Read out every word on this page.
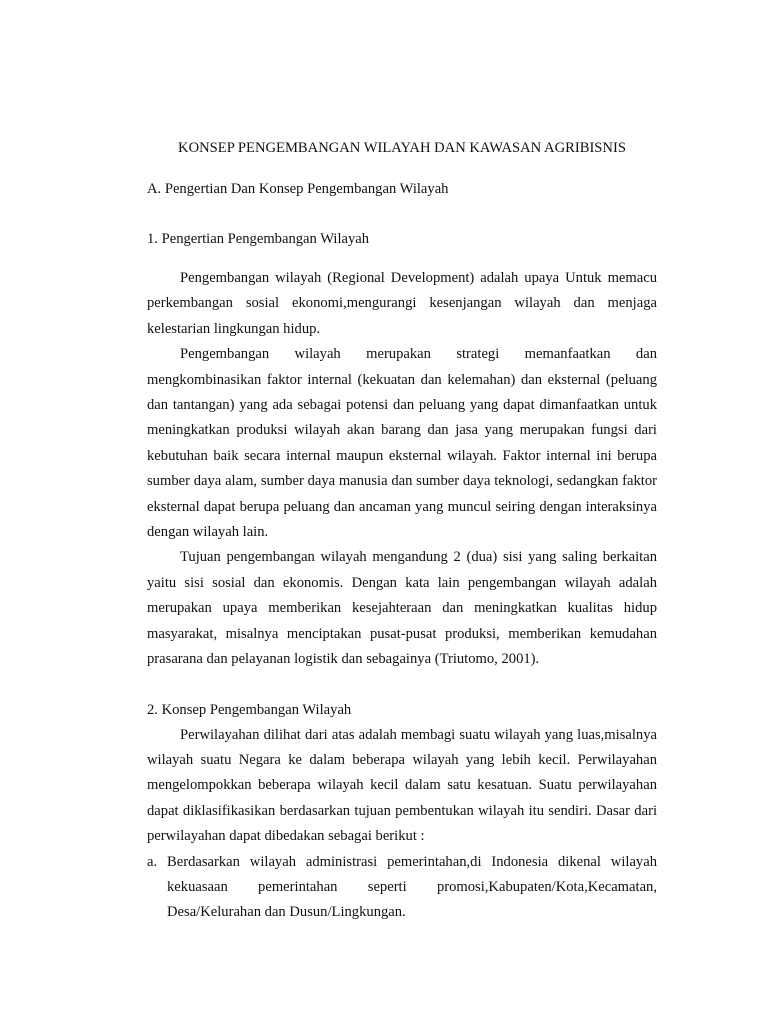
KONSEP PENGEMBANGAN WILAYAH DAN KAWASAN AGRIBISNIS

A. Pengertian Dan Konsep Pengembangan Wilayah

1. Pengertian Pengembangan Wilayah

Pengembangan wilayah (Regional Development) adalah upaya Untuk memacu perkembangan sosial ekonomi,mengurangi kesenjangan wilayah dan menjaga kelestarian lingkungan hidup.

Pengembangan wilayah merupakan strategi memanfaatkan dan mengkombinasikan faktor internal (kekuatan dan kelemahan) dan eksternal (peluang dan tantangan) yang ada sebagai potensi dan peluang yang dapat dimanfaatkan untuk meningkatkan produksi wilayah akan barang dan jasa yang merupakan fungsi dari kebutuhan baik secara internal maupun eksternal wilayah. Faktor internal ini berupa sumber daya alam, sumber daya manusia dan sumber daya teknologi, sedangkan faktor eksternal dapat berupa peluang dan ancaman yang muncul seiring dengan interaksinya dengan wilayah lain.

Tujuan pengembangan wilayah mengandung 2 (dua) sisi yang saling berkaitan yaitu sisi sosial dan ekonomis. Dengan kata lain pengembangan wilayah adalah merupakan upaya memberikan kesejahteraan dan meningkatkan kualitas hidup masyarakat, misalnya menciptakan pusat-pusat produksi, memberikan kemudahan prasarana dan pelayanan logistik dan sebagainya (Triutomo, 2001).

2. Konsep Pengembangan Wilayah

Perwilayahan dilihat dari atas adalah membagi suatu wilayah yang luas,misalnya wilayah suatu Negara ke dalam beberapa wilayah yang lebih kecil. Perwilayahan mengelompokkan beberapa wilayah kecil dalam satu kesatuan. Suatu perwilayahan dapat diklasifikasikan berdasarkan tujuan pembentukan wilayah itu sendiri. Dasar dari perwilayahan dapat dibedakan sebagai berikut :

a. Berdasarkan wilayah administrasi pemerintahan,di Indonesia dikenal wilayah kekuasaan pemerintahan seperti promosi,Kabupaten/Kota,Kecamatan, Desa/Kelurahan dan Dusun/Lingkungan.
